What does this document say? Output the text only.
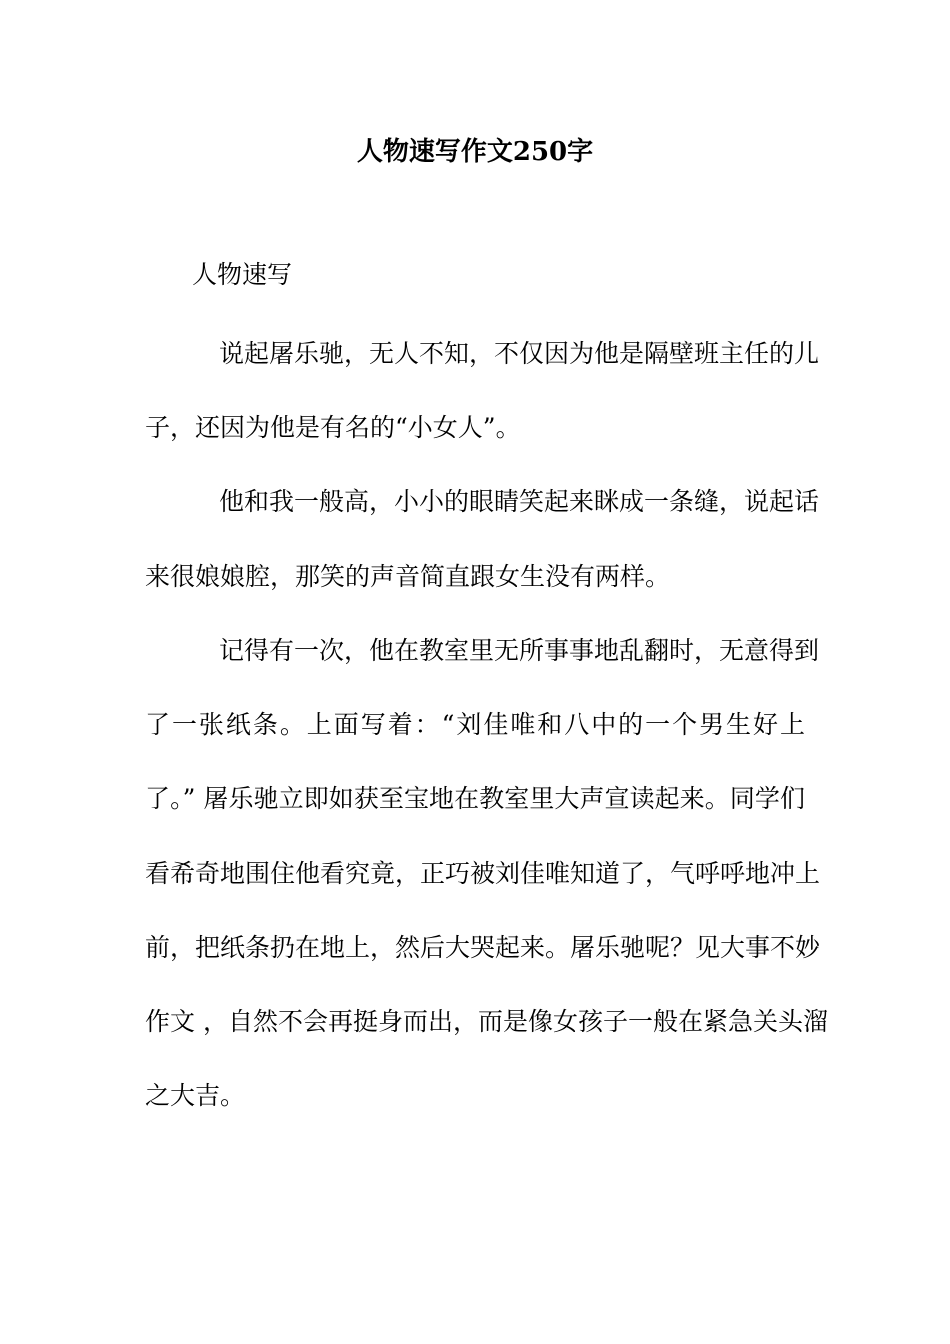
人物速写作文250字
人物速写
说起屠乐驰，无人不知，不仅因为他是隔壁班主任的儿
子，还因为他是有名的“小女人”。
他和我一般高，小小的眼睛笑起来眯成一条缝，说起话
来很娘娘腔，那笑的声音简直跟女生没有两样。
记得有一次，他在教室里无所事事地乱翻时，无意得到
了一张纸条。上面写着：“刘佳唯和八中的一个男生好上
了。” 屠乐驰立即如获至宝地在教室里大声宣读起来。同学们
看希奇地围住他看究竟，正巧被刘佳唯知道了，气呼呼地冲上
前，把纸条扔在地上，然后大哭起来。屠乐驰呢？见大事不妙
作文 ，自然不会再挺身而出，而是像女孩子一般在紧急关头溜
之大吉。
